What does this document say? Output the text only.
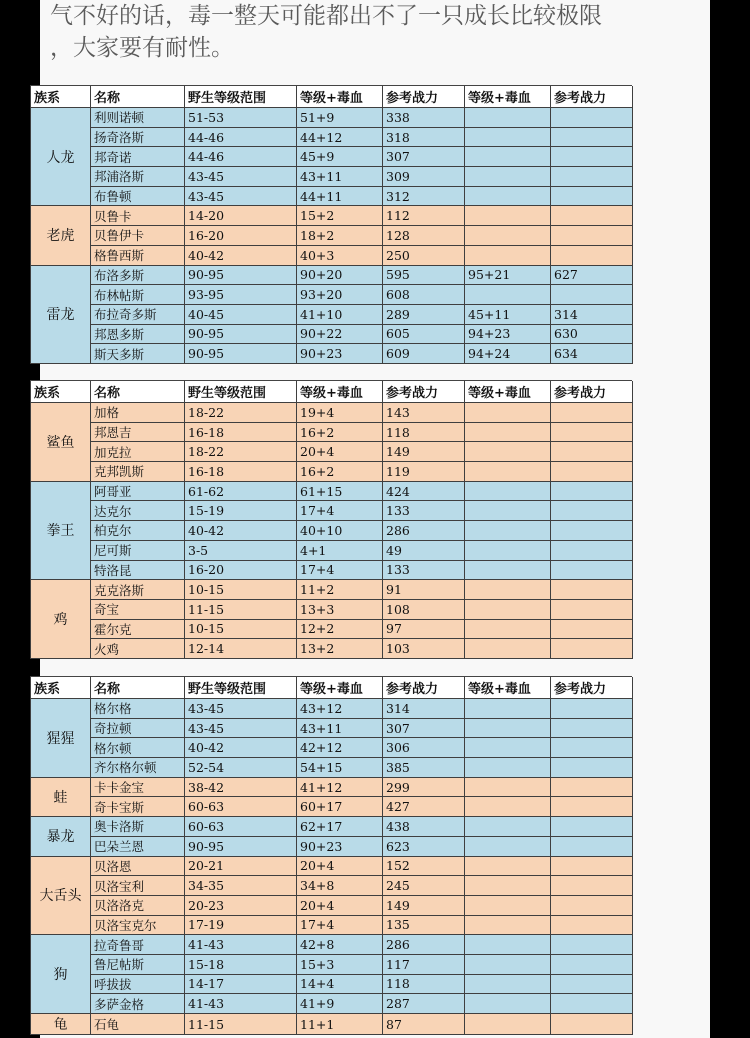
气不好的话，毒一整天可能都出不了一只成长比较极限
，大家要有耐性。
族系	名称	野生等级范围	等级+毒血	参考战力	等级+毒血	参考战力
人龙	利则诺顿	51-53	51+9	338		
	扬奇洛斯	44-46	44+12	318		
	邦奇诺	44-46	45+9	307		
	邦浦洛斯	43-45	43+11	309		
	布鲁顿	43-45	44+11	312		
老虎	贝鲁卡	14-20	15+2	112		
	贝鲁伊卡	16-20	18+2	128		
	格鲁西斯	40-42	40+3	250		
雷龙	布洛多斯	90-95	90+20	595	95+21	627
	布林帖斯	93-95	93+20	608		
	布拉奇多斯	40-45	41+10	289	45+11	314
	邦恩多斯	90-95	90+22	605	94+23	630
	斯天多斯	90-95	90+23	609	94+24	634
族系	名称	野生等级范围	等级+毒血	参考战力	等级+毒血	参考战力
鲨鱼	加格	18-22	19+4	143		
	邦恩吉	16-18	16+2	118		
	加克拉	18-22	20+4	149		
	克邦凯斯	16-18	16+2	119		
拳王	阿哥亚	61-62	61+15	424		
	达克尔	15-19	17+4	133		
	柏克尔	40-42	40+10	286		
	尼可斯	3-5	4+1	49		
	特洛昆	16-20	17+4	133		
鸡	克克洛斯	10-15	11+2	91		
	奇宝	11-15	13+3	108		
	霍尔克	10-15	12+2	97		
	火鸡	12-14	13+2	103		
族系	名称	野生等级范围	等级+毒血	参考战力	等级+毒血	参考战力
猩猩	格尔格	43-45	43+12	314		
	奇拉顿	43-45	43+11	307		
	格尔顿	40-42	42+12	306		
	齐尔格尔顿	52-54	54+15	385		
蛙	卡卡金宝	38-42	41+12	299		
	奇卡宝斯	60-63	60+17	427		
暴龙	奥卡洛斯	60-63	62+17	438		
	巴朵兰恩	90-95	90+23	623		
大舌头	贝洛恩	20-21	20+4	152		
	贝洛宝利	34-35	34+8	245		
	贝洛洛克	20-23	20+4	149		
	贝洛宝克尔	17-19	17+4	135		
狗	拉奇鲁哥	41-43	42+8	286		
	鲁尼帖斯	15-18	15+3	117		
	呼拔拔	14-17	14+4	118		
	多萨金格	41-43	41+9	287		
龟	石龟	11-15	11+1	87		
